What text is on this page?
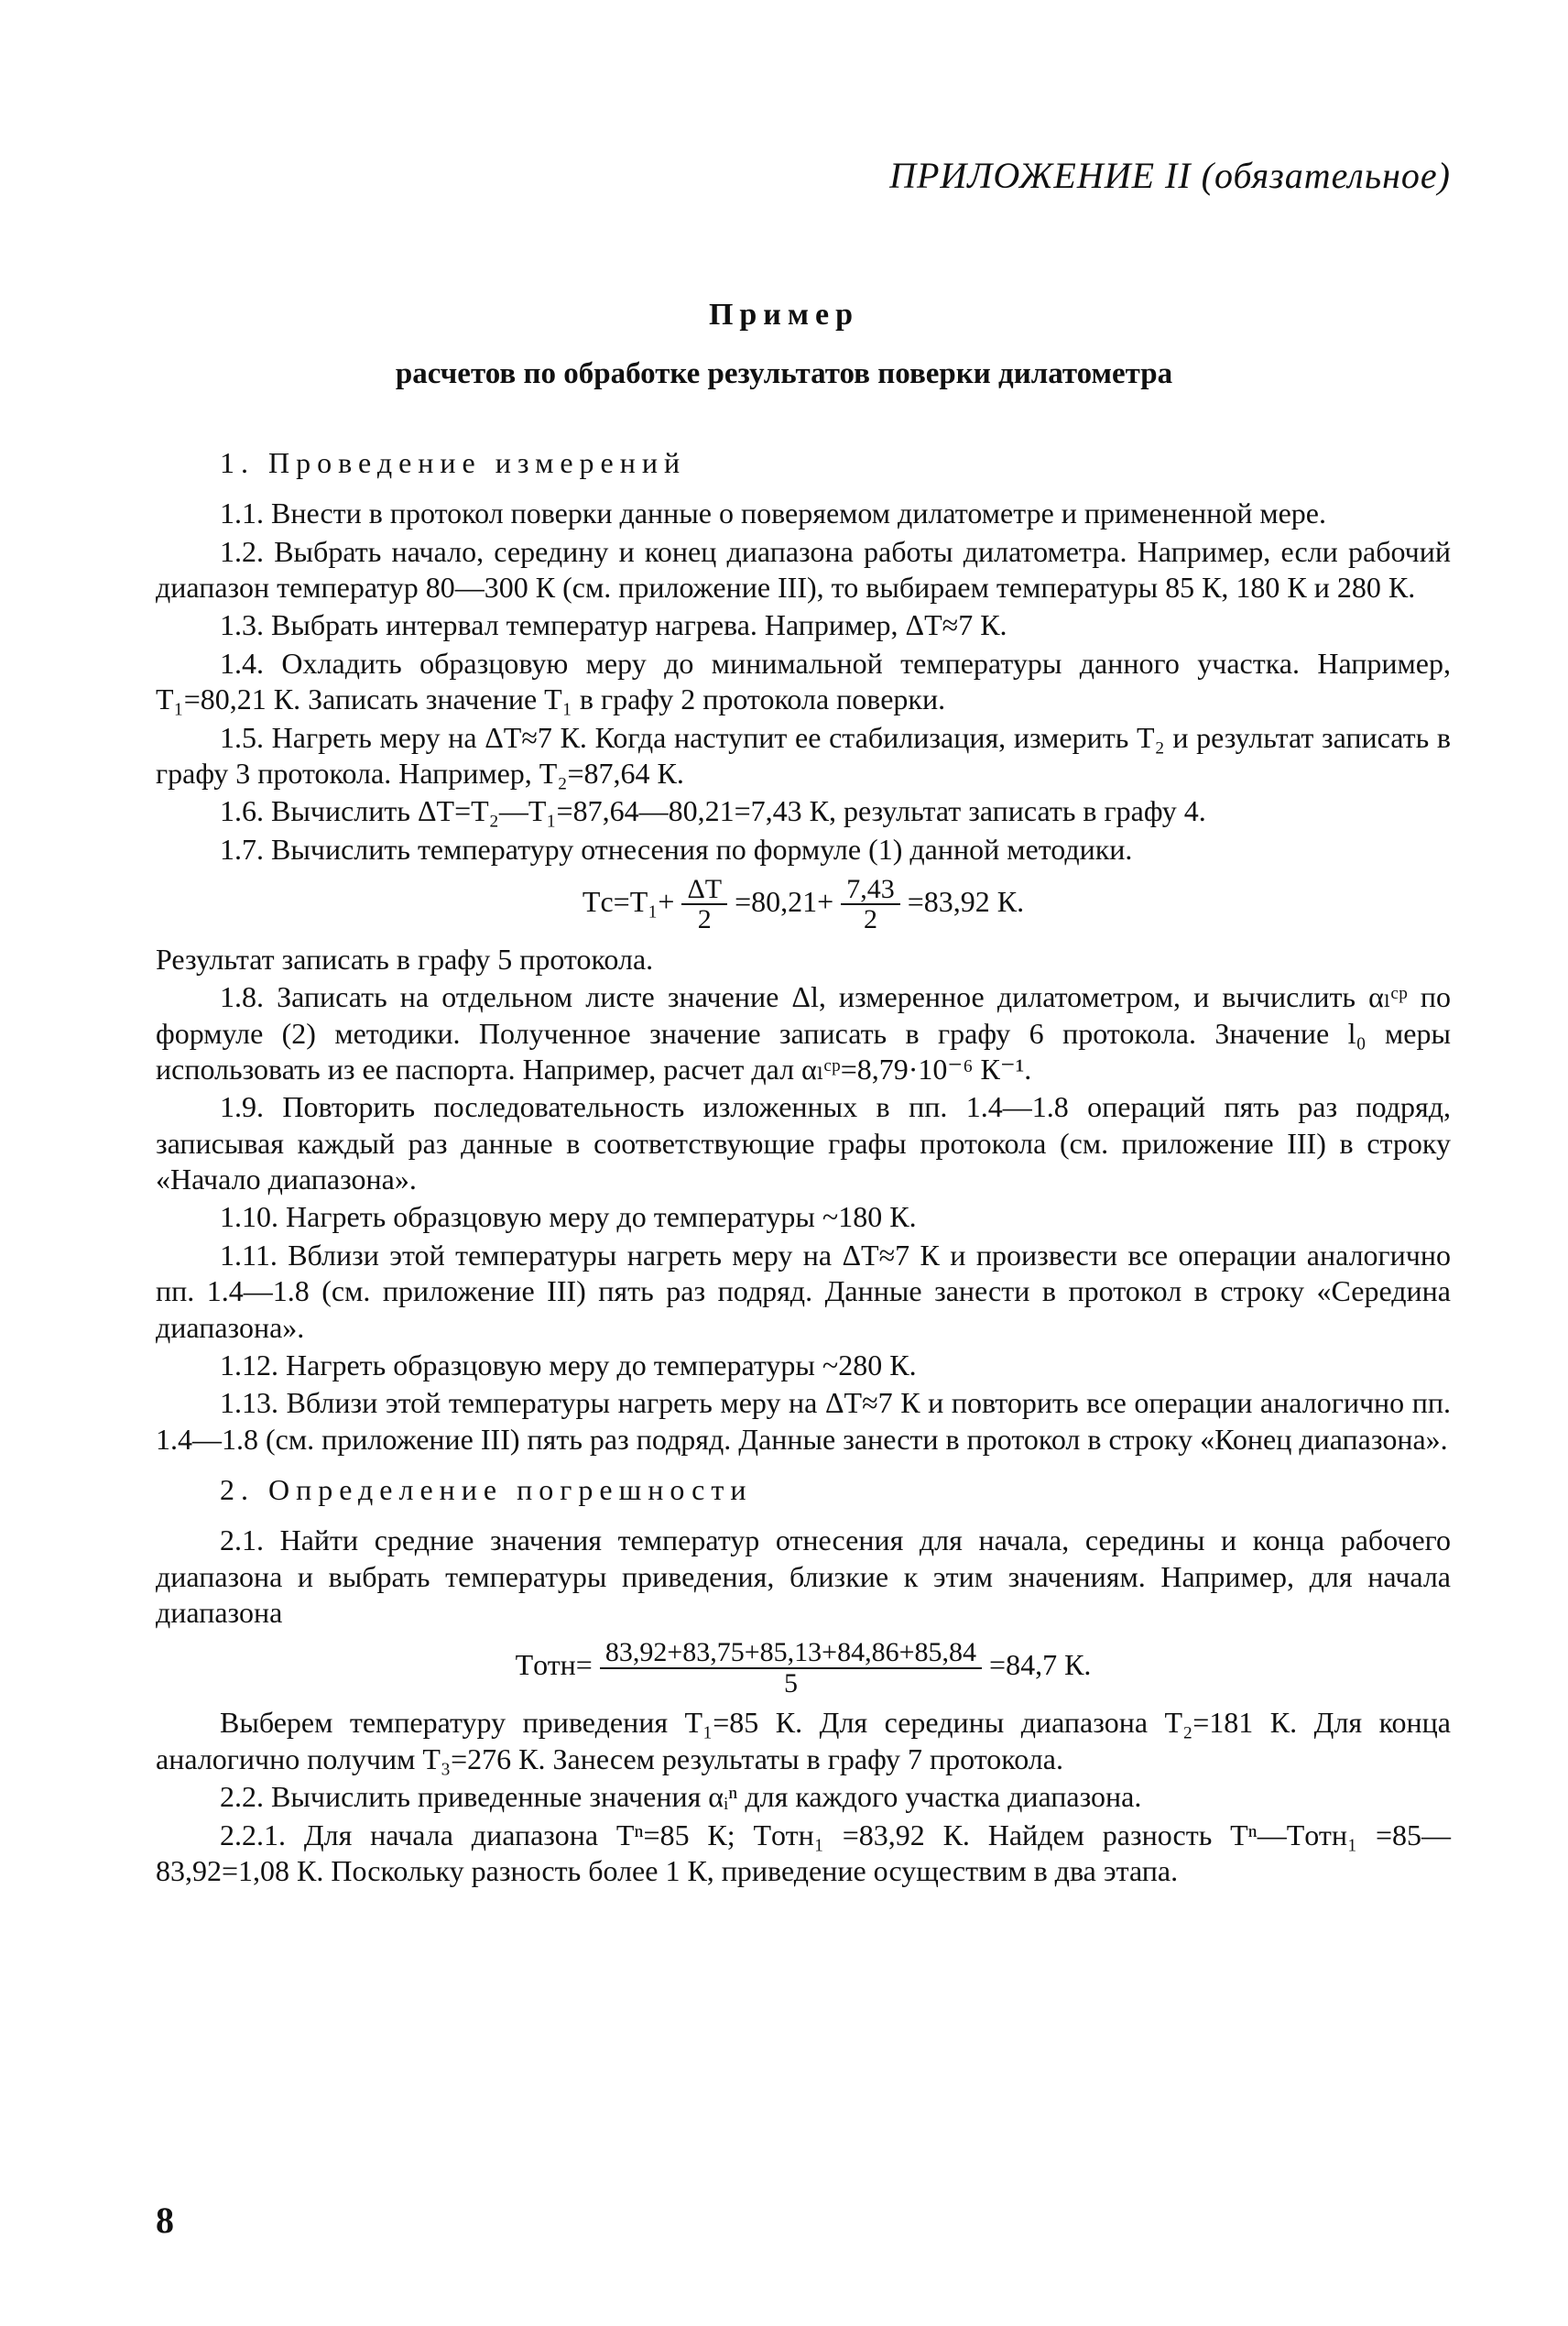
ПРИЛОЖЕНИЕ II (обязательное)
Пример
расчетов по обработке результатов поверки дилатометра
1. Проведение измерений

1.1. Внести в протокол поверки данные о поверяемом дилатометре и примененной мере.

1.2. Выбрать начало, середину и конец диапазона работы дилатометра. Например, если рабочий диапазон температур 80—300 К (см. приложение III), то выбираем температуры 85 К, 180 К и 280 К.

1.3. Выбрать интервал температур нагрева. Например, ΔT≈7 К.

1.4. Охладить образцовую меру до минимальной температуры данного участка. Например, T₁=80,21 К. Записать значение T₁ в графу 2 протокола поверки.

1.5. Нагреть меру на ΔT≈7 К. Когда наступит ее стабилизация, измерить T₂ и результат записать в графу 3 протокола. Например, T₂=87,64 К.

1.6. Вычислить ΔT=T₂—T₁=87,64—80,21=7,43 К, результат записать в графу 4.

1.7. Вычислить температуру отнесения по формуле (1) данной методики.

$Tс=T_1+ \frac{\Delta T}{2} =80,21+ \frac{7,43}{2} =83,92$ К.

Результат записать в графу 5 протокола.

1.8. Записать на отдельном листе значение Δl, измеренное дилатометром, и вычислить αₗᶜᵖ по формуле (2) методики. Полученное значение записать в графу 6 протокола. Значение l₀ меры использовать из ее паспорта. Например, расчет дал αₗᶜᵖ=8,79·10⁻⁶ К⁻¹.

1.9. Повторить последовательность изложенных в пп. 1.4—1.8 операций пять раз подряд, записывая каждый раз данные в соответствующие графы протокола (см. приложение III) в строку «Начало диапазона».

1.10. Нагреть образцовую меру до температуры ~180 К.

1.11. Вблизи этой температуры нагреть меру на ΔT≈7 К и произвести все операции аналогично пп. 1.4—1.8 (см. приложение III) пять раз подряд. Данные занести в протокол в строку «Середина диапазона».

1.12. Нагреть образцовую меру до температуры ~280 К.

1.13. Вблизи этой температуры нагреть меру на ΔT≈7 К и повторить все операции аналогично пп. 1.4—1.8 (см. приложение III) пять раз подряд. Данные занести в протокол в строку «Конец диапазона».

2. Определение погрешности

2.1. Найти средние значения температур отнесения для начала, середины и конца рабочего диапазона и выбрать температуры приведения, близкие к этим значениям. Например, для начала диапазона

Tотн= $\frac{83,92+83,75+85,13+84,86+85,84}{5} =84,7$ К.

Выберем температуру приведения T₁=85 К. Для середины диапазона T₂=181 К. Для конца аналогично получим T₃=276 К. Занесем результаты в графу 7 протокола.

2.2. Вычислить приведенные значения αᵢⁿ для каждого участка диапазона.

2.2.1. Для начала диапазона Tⁿ=85 К; Tотн₁ =83,92 К. Найдем разность Tⁿ—Tотн₁ =85—83,92=1,08 К. Поскольку разность более 1 К, приведение осуществим в два этапа.

8
